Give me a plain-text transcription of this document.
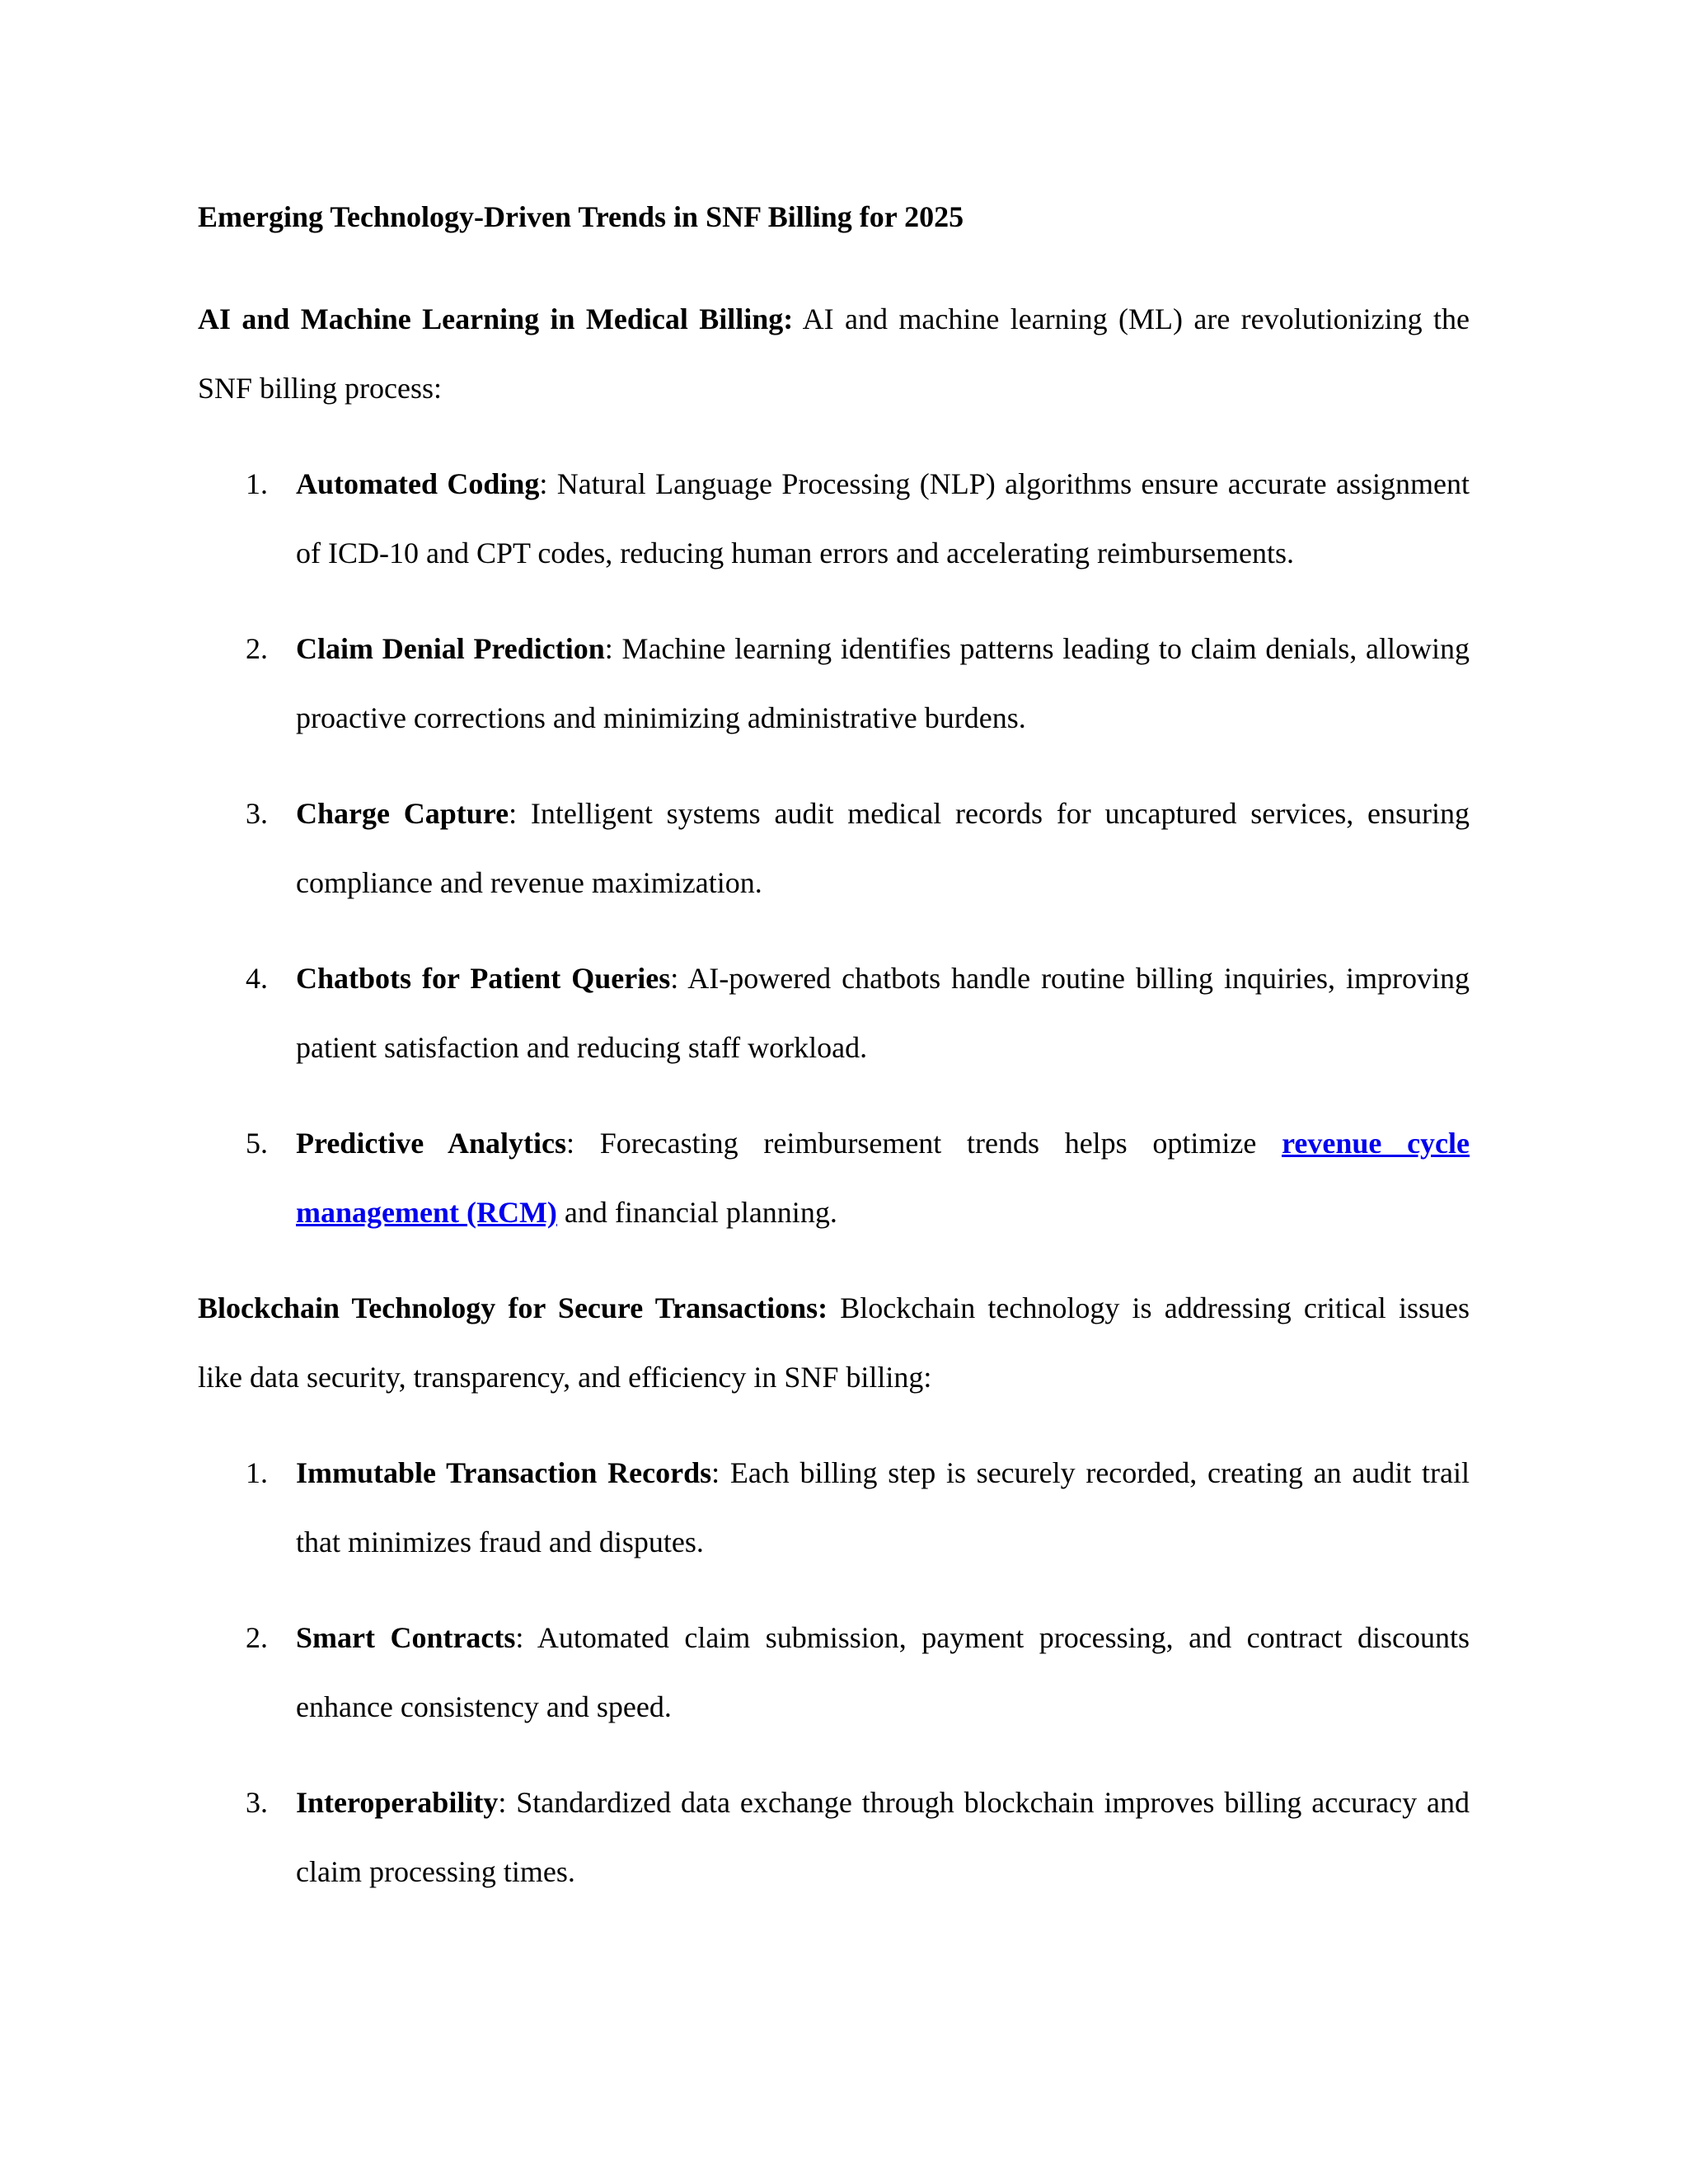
Emerging Technology-Driven Trends in SNF Billing for 2025

AI and Machine Learning in Medical Billing: AI and machine learning (ML) are revolutionizing the SNF billing process:

1. Automated Coding: Natural Language Processing (NLP) algorithms ensure accurate assignment of ICD-10 and CPT codes, reducing human errors and accelerating reimbursements.
2. Claim Denial Prediction: Machine learning identifies patterns leading to claim denials, allowing proactive corrections and minimizing administrative burdens.
3. Charge Capture: Intelligent systems audit medical records for uncaptured services, ensuring compliance and revenue maximization.
4. Chatbots for Patient Queries: AI-powered chatbots handle routine billing inquiries, improving patient satisfaction and reducing staff workload.
5. Predictive Analytics: Forecasting reimbursement trends helps optimize revenue cycle management (RCM) and financial planning.

Blockchain Technology for Secure Transactions: Blockchain technology is addressing critical issues like data security, transparency, and efficiency in SNF billing:

1. Immutable Transaction Records: Each billing step is securely recorded, creating an audit trail that minimizes fraud and disputes.
2. Smart Contracts: Automated claim submission, payment processing, and contract discounts enhance consistency and speed.
3. Interoperability: Standardized data exchange through blockchain improves billing accuracy and claim processing times.
